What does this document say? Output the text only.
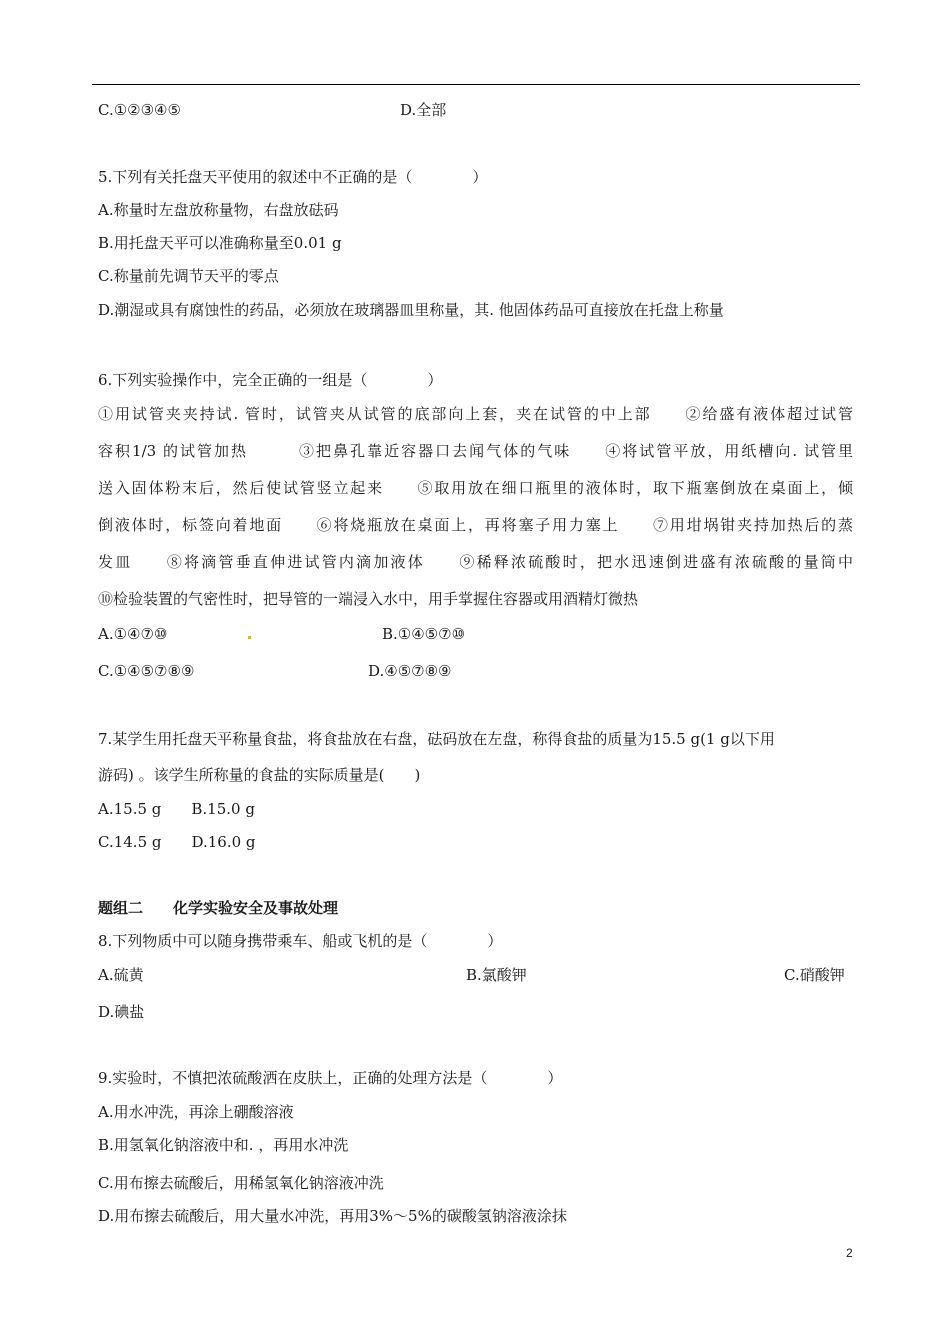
C.①②③④⑤	D.全部
5.下列有关托盘天平使用的叙述中不正确的是（　　　　）
A.称量时左盘放称量物，右盘放砝码
B.用托盘天平可以准确称量至0.01 g
C.称量前先调节天平的零点
D.潮湿或具有腐蚀性的药品，必须放在玻璃器皿里称量，其. 他固体药品可直接放在托盘上称量
6.下列实验操作中，完全正确的一组是（　　　　）
①用试管夹夹持试. 管时，试管夹从试管的底部向上套，夹在试管的中上部　　②给盛有液体超过试管
容积1/3 的试管加热　　　③把鼻孔靠近容器口去闻气体的气味　　④将试管平放，用纸槽向. 试管里
送入固体粉末后，然后使试管竖立起来　　⑤取用放在细口瓶里的液体时，取下瓶塞倒放在桌面上，倾
倒液体时，标签向着地面　　⑥将烧瓶放在桌面上，再将塞子用力塞上　　⑦用坩埚钳夹持加热后的蒸
发皿　　⑧将滴管垂直伸进试管内滴加液体　　⑨稀释浓硫酸时，把水迅速倒进盛有浓硫酸的量筒中
⑩检验装置的气密性时，把导管的一端浸入水中，用手掌握住容器或用酒精灯微热
A.①④⑦⑩	B.①④⑤⑦⑩
C.①④⑤⑦⑧⑨	D.④⑤⑦⑧⑨
7.某学生用托盘天平称量食盐，将食盐放在右盘，砝码放在左盘，称得食盐的质量为15.5 g(1 g以下用
游码) 。该学生所称量的食盐的实际质量是(　　)
A.15.5 g　　B.15.0 g
C.14.5 g　　D.16.0 g
题组二　　化学实验安全及事故处理
8.下列物质中可以随身携带乘车、船或飞机的是（　　　　）
A.硫黄	B.氯酸钾	C.硝酸钾
D.碘盐
9.实验时，不慎把浓硫酸洒在皮肤上，正确的处理方法是（　　　　）
A.用水冲洗，再涂上硼酸溶液
B.用氢氧化钠溶液中和. ，再用水冲洗
C.用布擦去硫酸后，用稀氢氧化钠溶液冲洗
D.用布擦去硫酸后，用大量水冲洗，再用3%～5%的碳酸氢钠溶液涂抹
2
